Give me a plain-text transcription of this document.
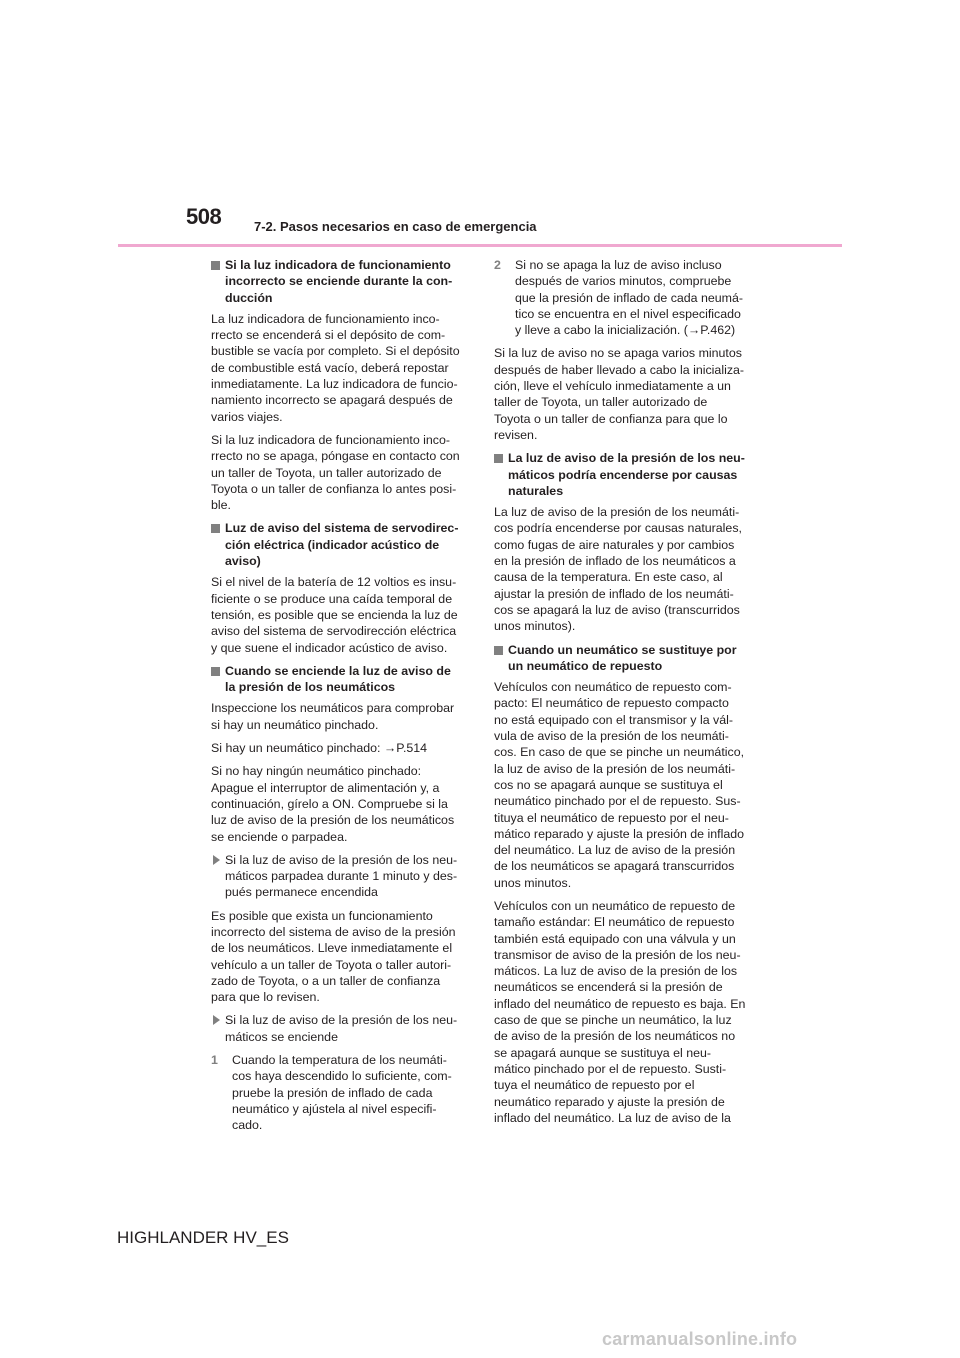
508	7-2. Pasos necesarios en caso de emergencia
Si la luz indicadora de funcionamiento incorrecto se enciende durante la con-ducción

La luz indicadora de funcionamiento inco-rrecto se encenderá si el depósito de com-bustible se vacía por completo. Si el depósito de combustible está vacío, deberá repostar inmediatamente. La luz indicadora de funcio-namiento incorrecto se apagará después de varios viajes.

Si la luz indicadora de funcionamiento inco-rrecto no se apaga, póngase en contacto con un taller de Toyota, un taller autorizado de Toyota o un taller de confianza lo antes posi-ble.

Luz de aviso del sistema de servodirec-ción eléctrica (indicador acústico de aviso)

Si el nivel de la batería de 12 voltios es insu-ficiente o se produce una caída temporal de tensión, es posible que se encienda la luz de aviso del sistema de servodirección eléctrica y que suene el indicador acústico de aviso.

Cuando se enciende la luz de aviso de la presión de los neumáticos

Inspeccione los neumáticos para comprobar si hay un neumático pinchado.

Si hay un neumático pinchado: →P.514

Si no hay ningún neumático pinchado: Apague el interruptor de alimentación y, a continuación, gírelo a ON. Compruebe si la luz de aviso de la presión de los neumáticos se enciende o parpadea.

Si la luz de aviso de la presión de los neu-máticos parpadea durante 1 minuto y des-pués permanece encendida

Es posible que exista un funcionamiento incorrecto del sistema de aviso de la presión de los neumáticos. Lleve inmediatamente el vehículo a un taller de Toyota o taller autori-zado de Toyota, o a un taller de confianza para que lo revisen.

Si la luz de aviso de la presión de los neu-máticos se enciende
1 Cuando la temperatura de los neumáti-cos haya descendido lo suficiente, com-pruebe la presión de inflado de cada neumático y ajústela al nivel especifi-cado.
2 Si no se apaga la luz de aviso incluso después de varios minutos, compruebe que la presión de inflado de cada neumá-tico se encuentra en el nivel especificado y lleve a cabo la inicialización. (→P.462)

Si la luz de aviso no se apaga varios minutos después de haber llevado a cabo la inicializa-ción, lleve el vehículo inmediatamente a un taller de Toyota, un taller autorizado de Toyota o un taller de confianza para que lo revisen.

La luz de aviso de la presión de los neu-máticos podría encenderse por causas naturales

La luz de aviso de la presión de los neumáti-cos podría encenderse por causas naturales, como fugas de aire naturales y por cambios en la presión de inflado de los neumáticos a causa de la temperatura. En este caso, al ajustar la presión de inflado de los neumáti-cos se apagará la luz de aviso (transcurridos unos minutos).

Cuando un neumático se sustituye por un neumático de repuesto

Vehículos con neumático de repuesto com-pacto: El neumático de repuesto compacto no está equipado con el transmisor y la vál-vula de aviso de la presión de los neumáti-cos. En caso de que se pinche un neumático, la luz de aviso de la presión de los neumáti-cos no se apagará aunque se sustituya el neumático pinchado por el de repuesto. Sus-tituya el neumático de repuesto por el neu-mático reparado y ajuste la presión de inflado del neumático. La luz de aviso de la presión de los neumáticos se apagará transcurridos unos minutos.

Vehículos con un neumático de repuesto de tamaño estándar: El neumático de repuesto también está equipado con una válvula y un transmisor de aviso de la presión de los neu-máticos. La luz de aviso de la presión de los neumáticos se encenderá si la presión de inflado del neumático de repuesto es baja. En caso de que se pinche un neumático, la luz de aviso de la presión de los neumáticos no se apagará aunque se sustituya el neu-mático pinchado por el de repuesto. Susti-tuya el neumático de repuesto por el neumático reparado y ajuste la presión de inflado del neumático. La luz de aviso de la

HIGHLANDER HV_ES
carmanualsonline.info
